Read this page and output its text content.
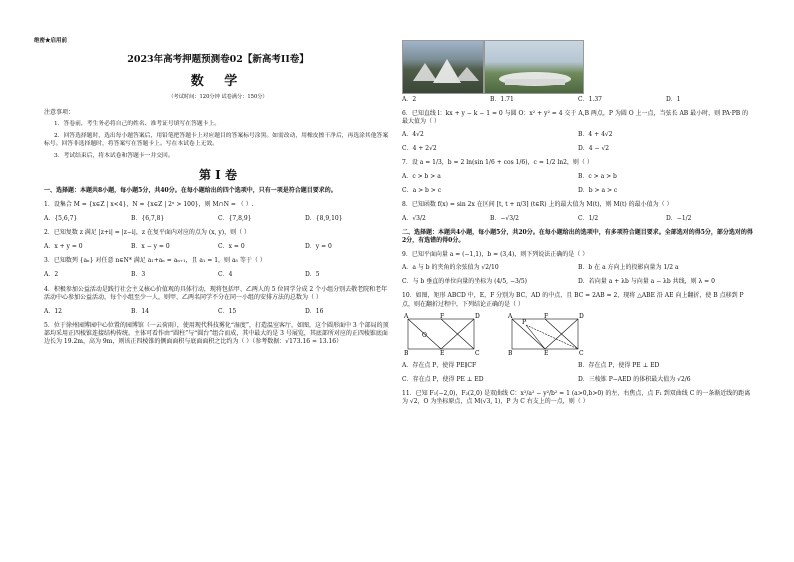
绝密★启用前
2023年高考押题预测卷02【新高考II卷】
数 学
（考试时间：120分钟 试卷满分：150分）
注意事项：
1．答卷前，考生务必将自己的姓名、准考证号填写在答题卡上。
2．回答选择题时，选出每小题答案后，用铅笔把答题卡上对应题目的答案标号涂黑。如需改动，用橡皮擦干净后，再选涂其他答案标号。回答非选择题时，将答案写在答题卡上。写在本试卷上无效。
3．考试结束后，将本试卷和答题卡一并交回。
第 I 卷
一、选择题：本题共8小题，每小题5分，共40分。在每小题给出的四个选项中，只有一项是符合题目要求的。
1．设集合 M = {x∈Z | x<4}，N = {x∈Z | 2ˣ > 100}，则 M∩N = （ ）.
A．{5,6,7}	B．{6,7,8}	C．{7,8,9}	D．{8,9,10}
2．已知复数 z 满足 |z+i| = |z−i|，z 在复平面内对应的点为 (x, y)，则（ ）
A．x + y = 0	B．x − y = 0	C．x = 0	D．y = 0
3．已知数列 {aₙ} 对任意 n∈N* 满足 a₁+aₙ = aₙ₊₁，且 a₁ = 1，则 a₅ 等于（ ）
A．2	B．3	C．4	D．5
4．积极参加公益活动是践行社会主义核心价值观的具体行动，现将包括甲、乙两人的 5 位同学分成 2 个小组分别去敬老院和老年活动中心参加公益活动，每个小组至少一人，则甲、乙两名同学不分在同一小组的安排方法的总数为（ ）
A．12	B．14	C．15	D．16
5．位于徐州园博园中心位置的园博馆（一云荷雨），使用现代科技雾化“湿度”，打造温室客厅，如图，这个圆形面中 3 个部局的顶部均采用正四棱锥连接结构传统。主体可看作由“圆柱”与“圆台”组合而成，其中最大的是 3 号展览，其底部所对应的正四棱锥底面边长为 19.2m，高为 9m，则该正四棱锥的侧面面积与底面面积之比约为（ ）（参考数据：√173.16 ≈ 13.16）
A．2	B．1.71	C．1.37	D．1
6．已知直线 l：kx + y − k − 1 = 0 与圆 O：x² + y² = 4 交于 A,B 两点，P 为圆 O 上一点，当弦长 AB 最小时，则 PA·PB 的最大值为（ ）
A．4√2	B．4 + 4√2
C．4 + 2√2	D．4 − √2
7．设 a = 1/3，b = 2 ln(sin 1/6 + cos 1/6)，c = 1/2 ln2，则（ ）
A．c > b > a	B．c > a > b
C．a > b > c	D．b > a > c
8．已知函数 f(x) = sin 2x 在区间 [t, t + π/3] (t∈R) 上的最大值为 M(t)，则 M(t) 的最小值为（ ）
A．√3/2	B．−√3/2	C．1/2	D．−1/2
二、选择题：本题共4小题，每小题5分，共20分。在每小题给出的选项中，有多项符合题目要求。全部选对的得5分，部分选对的得2分，有选错的得0分。
9．已知平面向量 a = (−1,1)，b = (3,4)，则下列说法正确的是（ ）
A．a 与 b 的夹角的余弦值为 √2/10	B．b 在 a 方向上的投影向量为 1/2 a
C．与 b 垂直的单位向量的坐标为 (4/5, −3/5)	D．若向量 a + λb 与向量 a − λb 共线，则 λ = 0
10．如图，矩形 ABCD 中，E，F 分别为 BC，AD 的中点，且 BC = 2AB = 2，现将 △ABE 沿 AE 向上翻折，使 B 点移到 P 点，则在翻折过程中，下列结论正确的是（ ）
A	F	D
B	E	C
O
A	F	D
P
B	E	C
A．存在点 P，使得 PE∥CF	B．存在点 P，使得 PE ⊥ ED
C．存在点 P，使得 PE ⊥ ED	D．三棱锥 P−AED 的体积最大值为 √2/6
11．已知 F₁(−2,0)，F₂(2,0) 是双曲线 C：x²/a² − y²/b² = 1 (a>0,b>0) 的左、右焦点，点 F₁ 到双曲线 C 的一条渐近线的距离为 √2，O 为坐标原点，点 M(√3, 1)，P 为 C 右支上的一点，则（ ）
